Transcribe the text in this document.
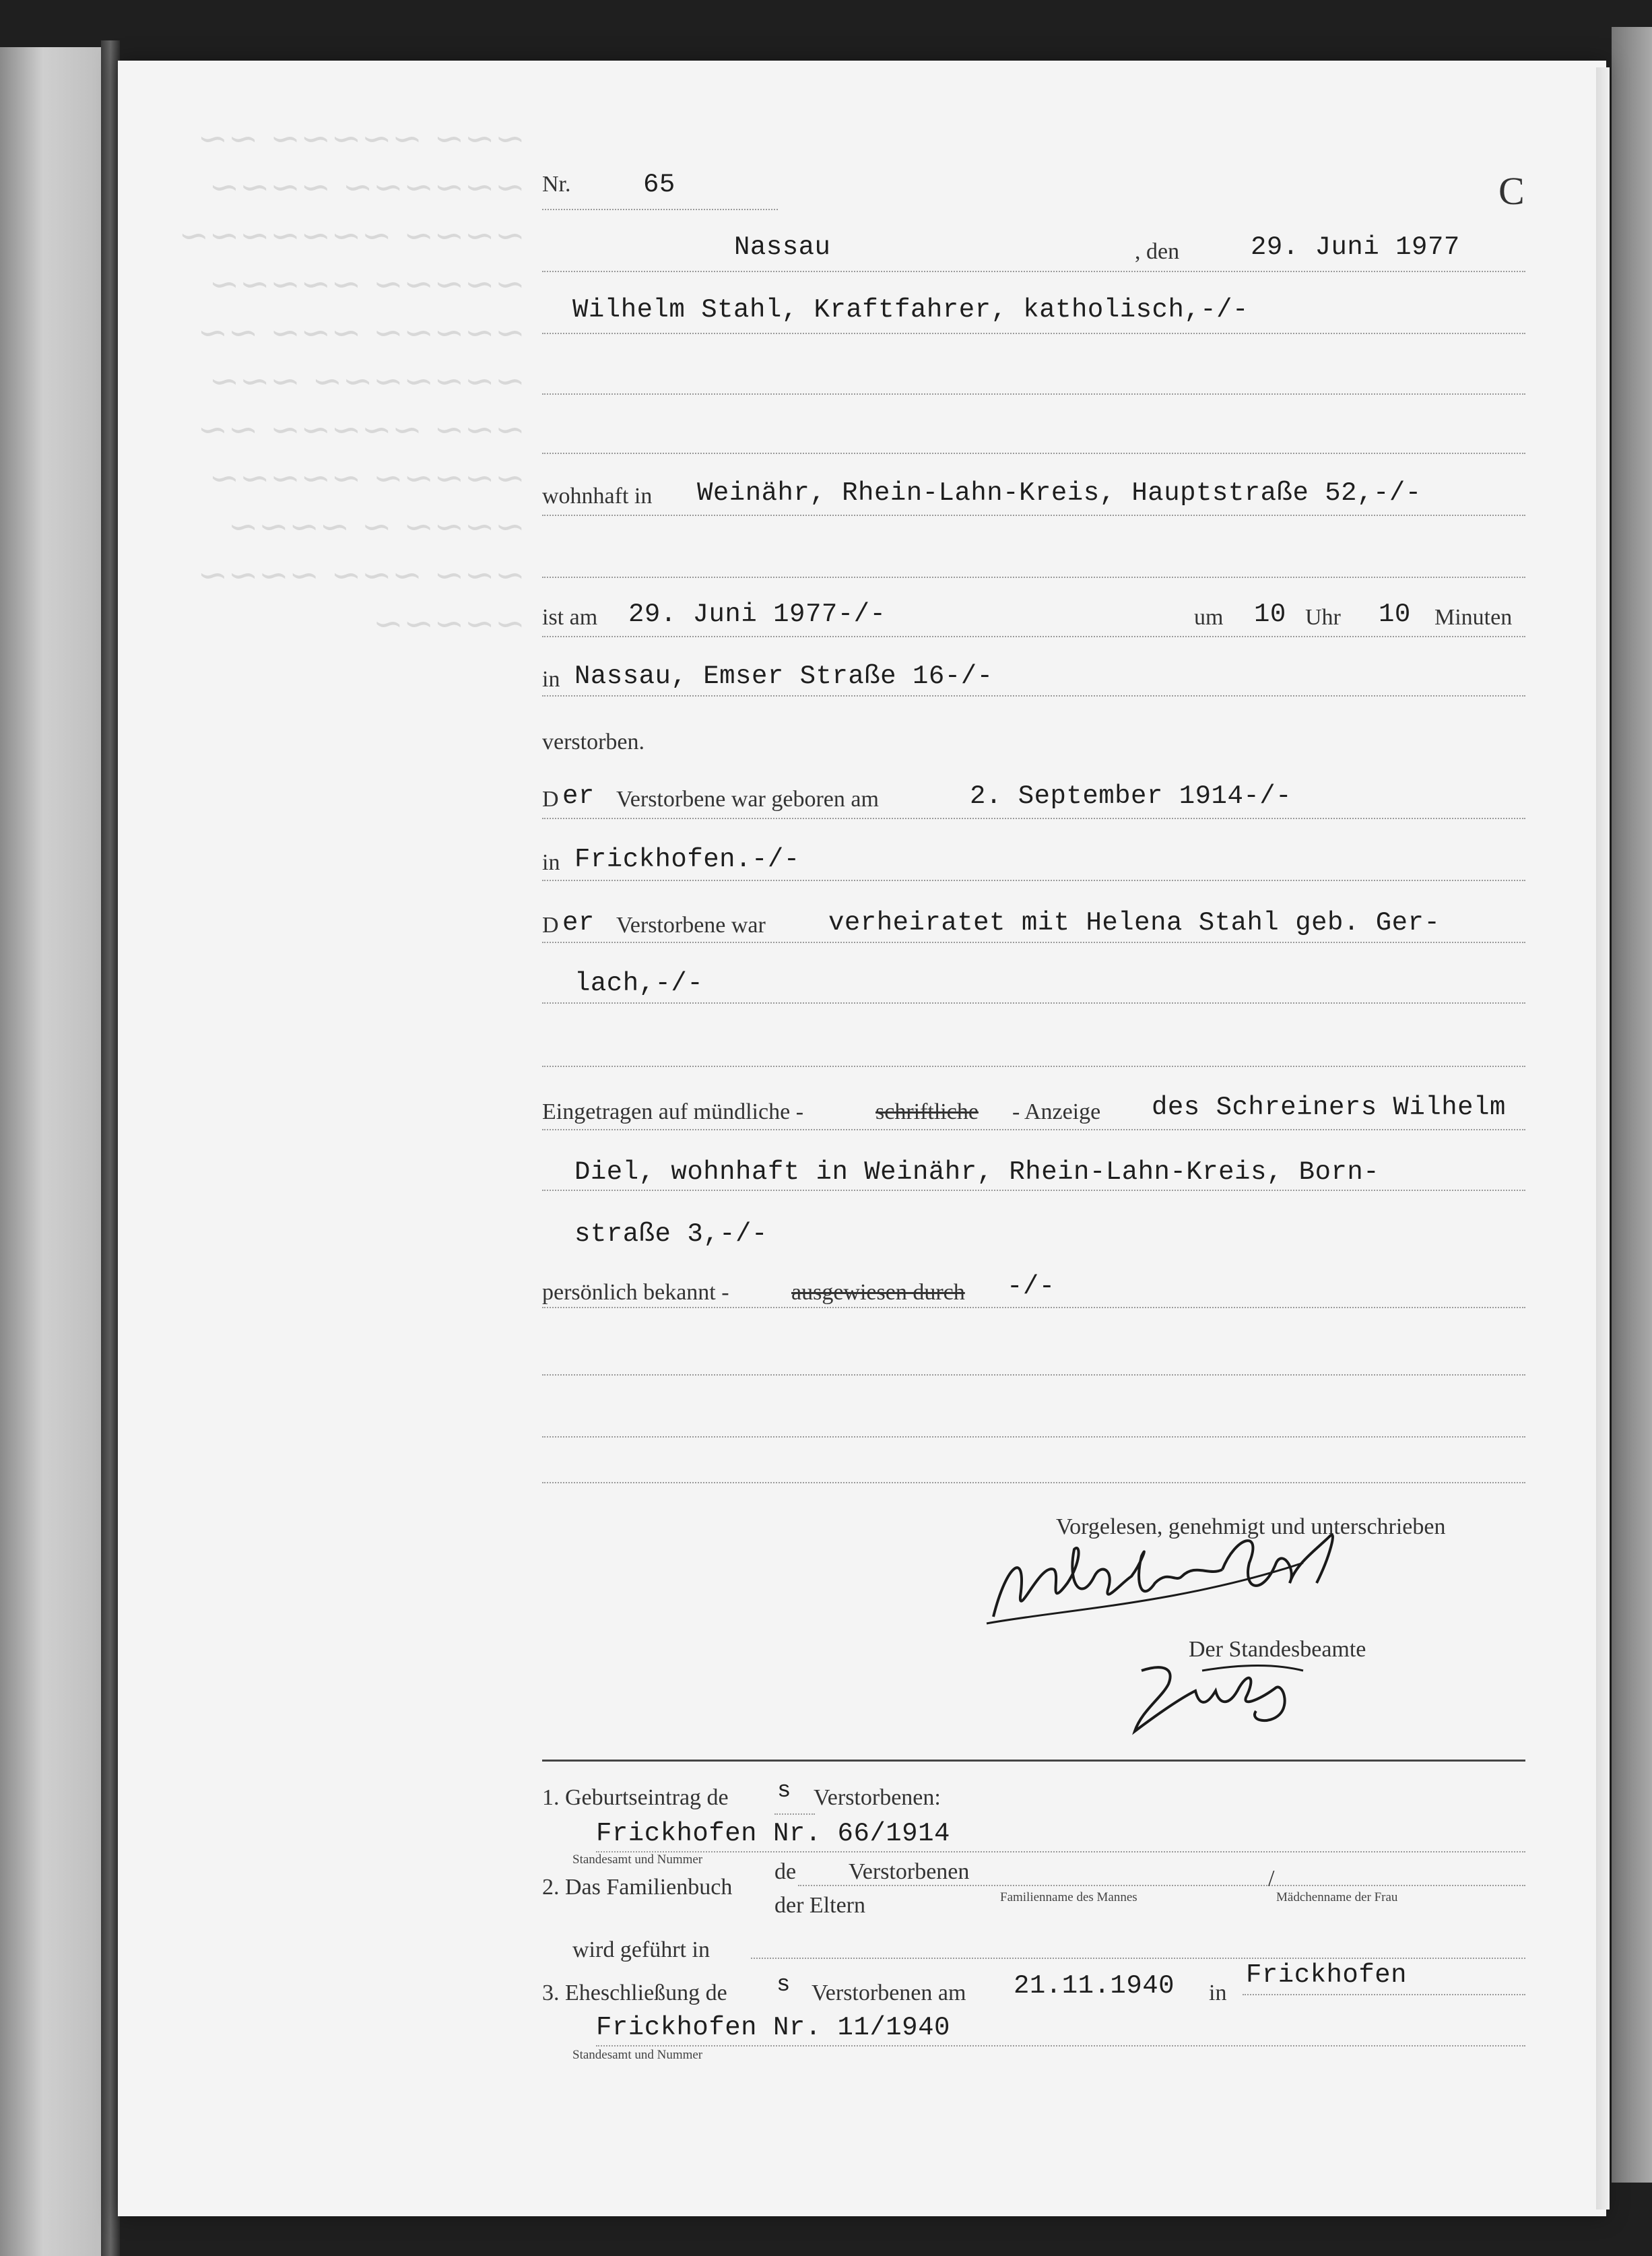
~~~ ~~~~~ ~~
~~~~~~ ~~~~
~~~~ ~~~~~~~
~~~~~ ~~~~~
~~~~~ ~~~ ~~
~~~~~~~ ~~~
~~~ ~~~~~ ~~
~~~~~ ~~~~~
~~~~ ~ ~~~~
~~~ ~~~ ~~~~
~~~~~
Nr.	65	C
Nassau	, den	29. Juni 1977
Wilhelm Stahl, Kraftfahrer, katholisch,-/-
wohnhaft in Weinähr, Rhein-Lahn-Kreis, Hauptstraße 52,-/-
ist am 29. Juni 1977-/-	um 10 Uhr 10 Minuten
in Nassau, Emser Straße 16-/-
verstorben.
D er Verstorbene war geboren am	2. September 1914-/-
in Frickhofen.-/-
D er Verstorbene war verheiratet mit Helena Stahl geb. Ger-
lach,-/-
Eingetragen auf mündliche -	schriftliche - Anzeige des Schreiners Wilhelm
Diel, wohnhaft in Weinähr, Rhein-Lahn-Kreis, Born-
straße 3,-/-
persönlich bekannt -	ausgewiesen durch -/-
Vorgelesen, genehmigt und unterschrieben
Der Standesbeamte
1. Geburtseintrag de s Verstorbenen:
Frickhofen Nr. 66/1914
Standesamt und Nummer
2. Das Familienbuch
de Verstorbenen
der Eltern	Familienname des Mannes
/
Mädchenname der Frau
wird geführt in
3. Eheschließung de s Verstorbenen am 21.11.1940 in
Frickhofen
Frickhofen Nr. 11/1940
Standesamt und Nummer
